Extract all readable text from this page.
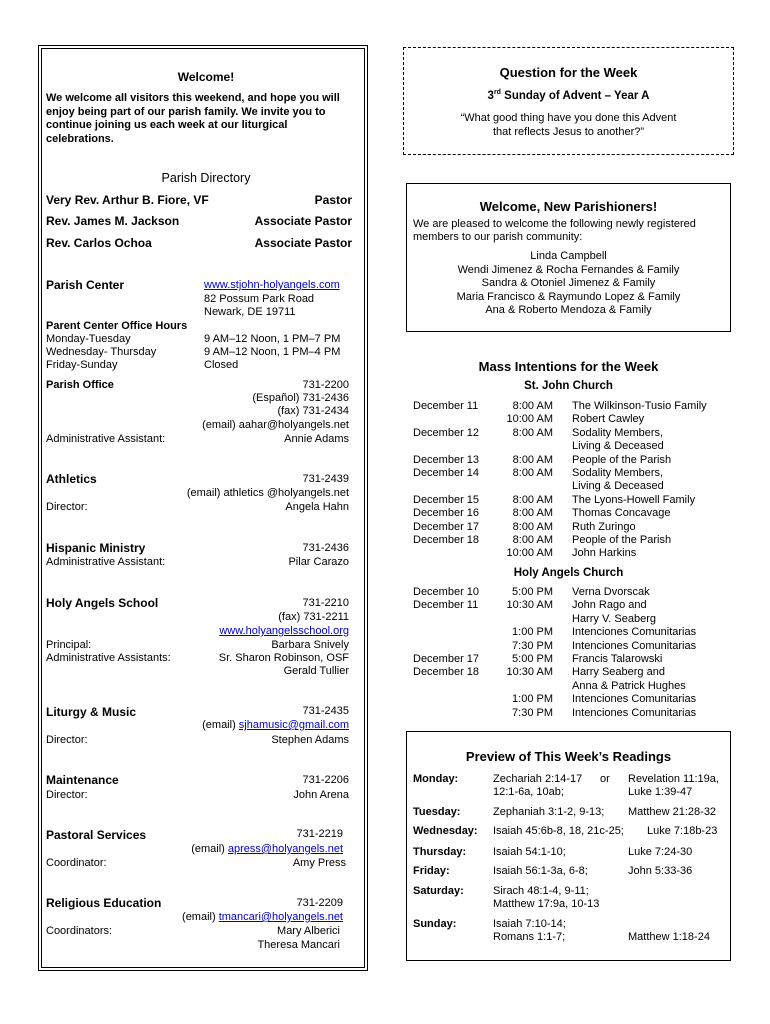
Welcome!
We welcome all visitors this weekend, and hope you will
enjoy being part of our parish family. We invite you to
continue joining us each week at our liturgical
celebrations.
Parish Directory
Very Rev. Arthur B. Fiore, VF	Pastor
Rev. James M. Jackson	Associate Pastor
Rev. Carlos Ochoa	Associate Pastor
Parish Center	www.stjohn-holyangels.com
82 Possum Park Road
Newark, DE 19711
Parent Center Office Hours
Monday-Tuesday	9 AM–12 Noon, 1 PM–7 PM
Wednesday- Thursday	9 AM–12 Noon, 1 PM–4 PM
Friday-Sunday	Closed
Parish Office	731-2200
(Español) 731-2436
(fax) 731-2434
(email) aahar@holyangels.net
Administrative Assistant:	Annie Adams
Athletics	731-2439
(email) athletics @holyangels.net
Director:	Angela Hahn
Hispanic Ministry	731-2436
Administrative Assistant:	Pilar Carazo
Holy Angels School	731-2210
(fax) 731-2211
www.holyangelsschool.org
Principal:	Barbara Snively
Administrative Assistants:	Sr. Sharon Robinson, OSF
Gerald Tullier
Liturgy & Music	731-2435
(email) sjhamusic@gmail.com
Director:	Stephen Adams
Maintenance	731-2206
Director:	John Arena
Pastoral Services	731-2219
(email) apress@holyangels.net
Coordinator:	Amy Press
Religious Education	731-2209
(email) tmancari@holyangels.net
Coordinators:	Mary Alberici
Theresa Mancari
Question for the Week
3rd Sunday of Advent – Year A
“What good thing have you done this Advent
that reflects Jesus to another?”
Welcome, New Parishioners!
We are pleased to welcome the following newly registered
members to our parish community:
Linda Campbell
Wendi Jimenez & Rocha Fernandes & Family
Sandra & Otoniel Jimenez & Family
Maria Francisco & Raymundo Lopez & Family
Ana & Roberto Mendoza & Family
Mass Intentions for the Week
St. John Church
December 11	8:00 AM The Wilkinson-Tusio Family
10:00 AM Robert Cawley
December 12	8:00 AM Sodality Members,
Living & Deceased
December 13	8:00 AM People of the Parish
December 14	8:00 AM Sodality Members,
Living & Deceased
December 15	8:00 AM The Lyons-Howell Family
December 16	8:00 AM Thomas Concavage
December 17	8:00 AM Ruth Zuringo
December 18	8:00 AM People of the Parish
10:00 AM John Harkins
Holy Angels Church
December 10	5:00 PM Verna Dvorscak
December 11	10:30 AM John Rago and
Harry V. Seaberg
1:00 PM Intenciones Comunitarias
7:30 PM Intenciones Comunitarias
December 17	5:00 PM Francis Talarowski
December 18	10:30 AM Harry Seaberg and
Anna & Patrick Hughes
1:00 PM Intenciones Comunitarias
7:30 PM Intenciones Comunitarias
Preview of This Week’s Readings
Monday:	Zechariah 2:14-17
12:1-6a, 10ab;
or Revelation 11:19a,
Luke 1:39-47
Tuesday:	Zephaniah 3:1-2, 9-13; Matthew 21:28-32
Wednesday: Isaiah 45:6b-8, 18, 21c-25; Luke 7:18b-23
Thursday: Isaiah 54:1-10;	Luke 7:24-30
Friday:	Isaiah 56:1-3a, 6-8;	John 5:33-36
Saturday:	Sirach 48:1-4, 9-11;
Matthew 17:9a, 10-13
Sunday:	Isaiah 7:10-14;
Romans 1:1-7;	Matthew 1:18-24
